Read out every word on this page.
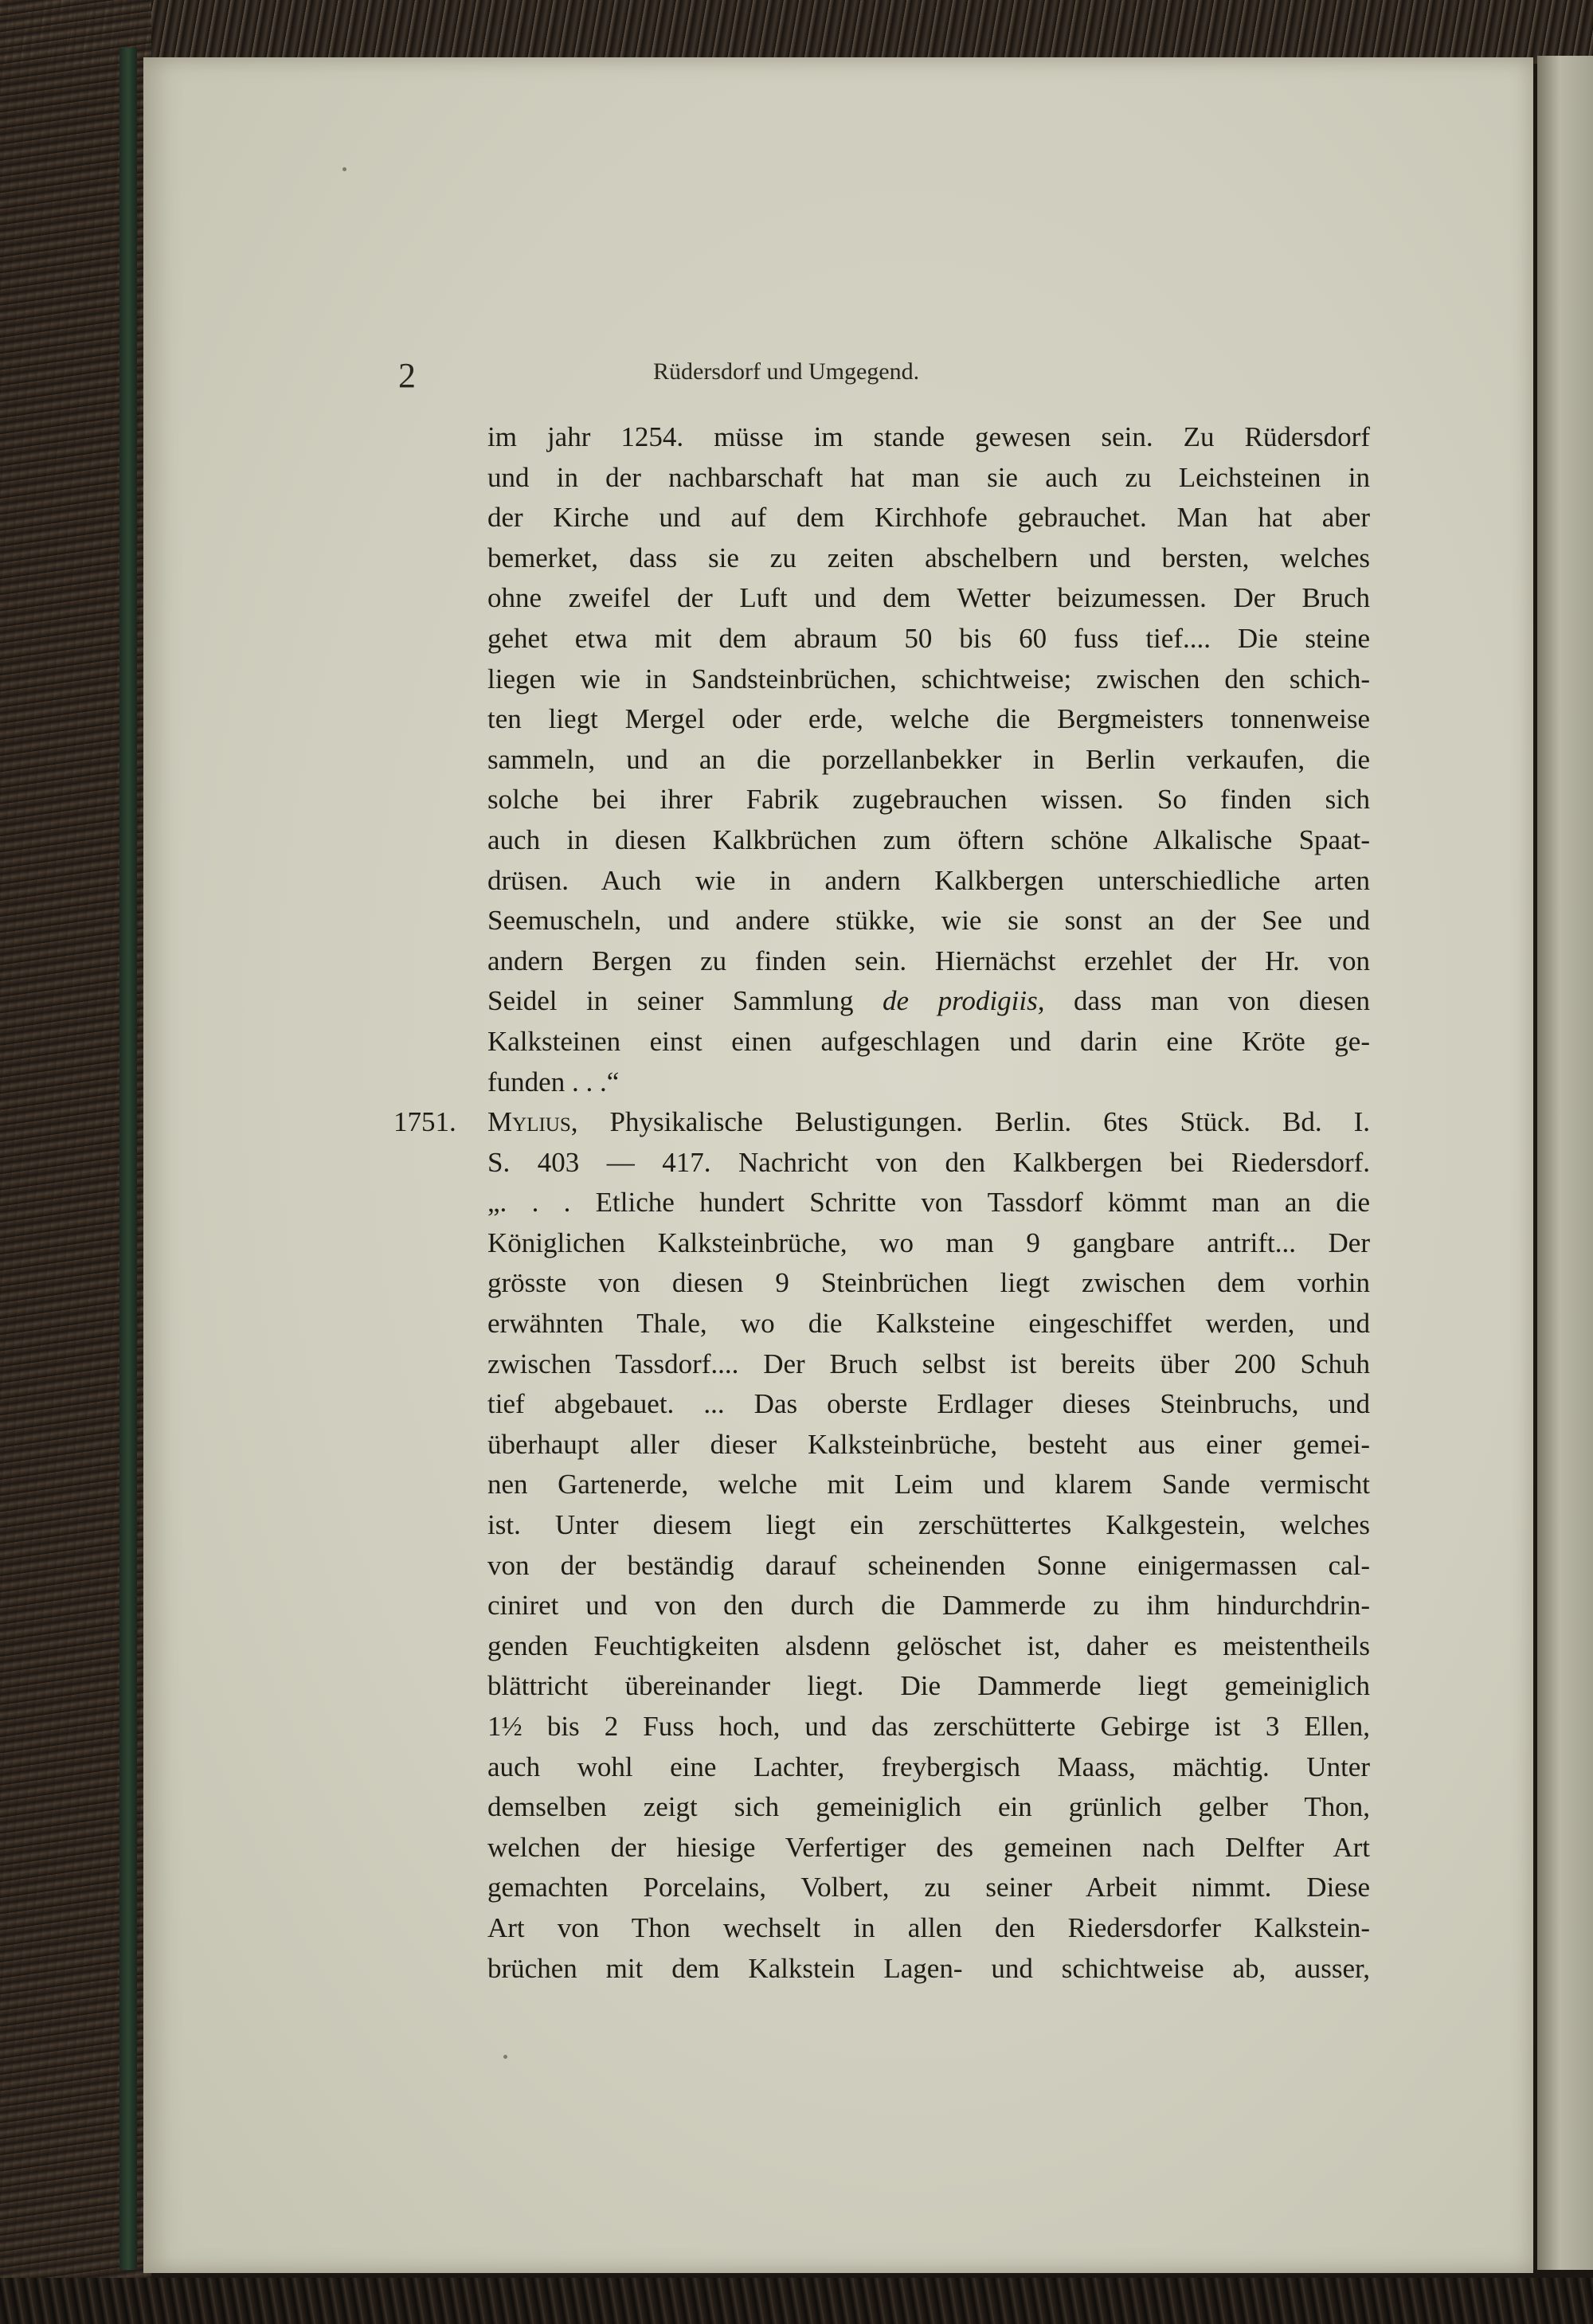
2	Rüdersdorf und Umgegend.
im jahr 1254. müsse im stande gewesen sein. Zu Rüdersdorf
und in der nachbarschaft hat man sie auch zu Leichsteinen in
der Kirche und auf dem Kirchhofe gebrauchet. Man hat aber
bemerket, dass sie zu zeiten abschelbern und bersten, welches
ohne zweifel der Luft und dem Wetter beizumessen. Der Bruch
gehet etwa mit dem abraum 50 bis 60 fuss tief.... Die steine
liegen wie in Sandsteinbrüchen, schichtweise; zwischen den schich-
ten liegt Mergel oder erde, welche die Bergmeisters tonnenweise
sammeln, und an die porzellanbekker in Berlin verkaufen, die
solche bei ihrer Fabrik zugebrauchen wissen. So finden sich
auch in diesen Kalkbrüchen zum öftern schöne Alkalische Spaat-
drüsen. Auch wie in andern Kalkbergen unterschiedliche arten
Seemuscheln, und andere stükke, wie sie sonst an der See und
andern Bergen zu finden sein. Hiernächst erzehlet der Hr. von
Seidel in seiner Sammlung de prodigiis, dass man von diesen
Kalksteinen einst einen aufgeschlagen und darin eine Kröte ge-
funden . . .“
1751. Mylius, Physikalische Belustigungen. Berlin. 6tes Stück. Bd. I.
S. 403 — 417. Nachricht von den Kalkbergen bei Riedersdorf.
„. . . Etliche hundert Schritte von Tassdorf kömmt man an die
Königlichen Kalksteinbrüche, wo man 9 gangbare antrift... Der
grösste von diesen 9 Steinbrüchen liegt zwischen dem vorhin
erwähnten Thale, wo die Kalksteine eingeschiffet werden, und
zwischen Tassdorf.... Der Bruch selbst ist bereits über 200 Schuh
tief abgebauet. ... Das oberste Erdlager dieses Steinbruchs, und
überhaupt aller dieser Kalksteinbrüche, besteht aus einer gemei-
nen Gartenerde, welche mit Leim und klarem Sande vermischt
ist. Unter diesem liegt ein zerschüttertes Kalkgestein, welches
von der beständig darauf scheinenden Sonne einigermassen cal-
ciniret und von den durch die Dammerde zu ihm hindurchdrin-
genden Feuchtigkeiten alsdenn gelöschet ist, daher es meistentheils
blättricht übereinander liegt. Die Dammerde liegt gemeiniglich
1½ bis 2 Fuss hoch, und das zerschütterte Gebirge ist 3 Ellen,
auch wohl eine Lachter, freybergisch Maass, mächtig. Unter
demselben zeigt sich gemeiniglich ein grünlich gelber Thon,
welchen der hiesige Verfertiger des gemeinen nach Delfter Art
gemachten Porcelains, Volbert, zu seiner Arbeit nimmt. Diese
Art von Thon wechselt in allen den Riedersdorfer Kalkstein-
brüchen mit dem Kalkstein Lagen- und schichtweise ab, ausser,
